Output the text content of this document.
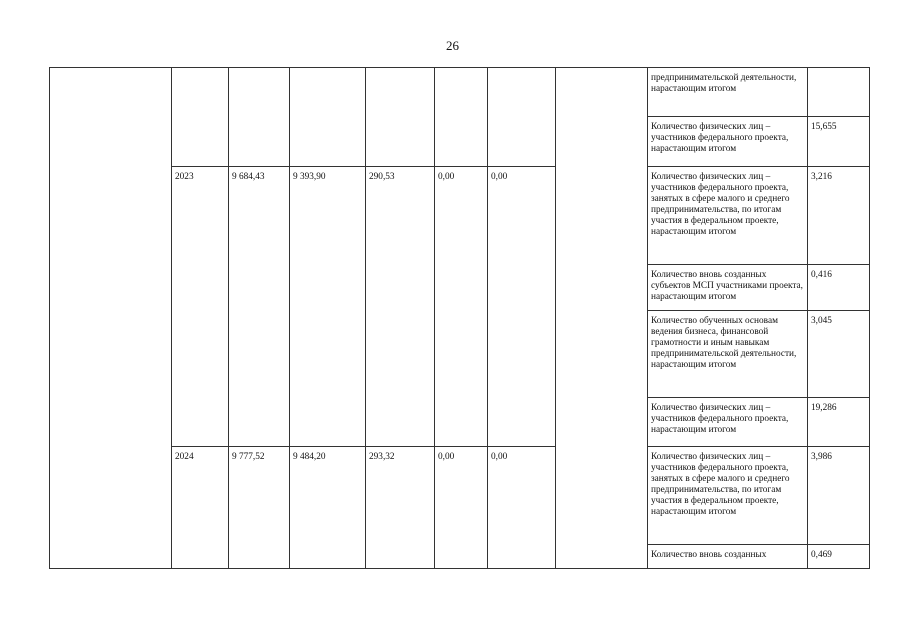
26
								предпринимательской деятельности, нарастающим итогом	
								Количество физических лиц – участников федерального проекта, нарастающим итогом	15,655
	2023	9 684,43	9 393,90	290,53	0,00	0,00		Количество физических лиц – участников федерального проекта, занятых в сфере малого и среднего предпринимательства, по итогам участия в федеральном проекте, нарастающим итогом	3,216
								Количество вновь созданных субъектов МСП участниками проекта, нарастающим итогом	0,416
								Количество обученных основам ведения бизнеса, финансовой грамотности и иным навыкам предпринимательской деятельности, нарастающим итогом	3,045
								Количество физических лиц – участников федерального проекта, нарастающим итогом	19,286
	2024	9 777,52	9 484,20	293,32	0,00	0,00		Количество физических лиц – участников федерального проекта, занятых в сфере малого и среднего предпринимательства, по итогам участия в федеральном проекте, нарастающим итогом	3,986
								Количество вновь созданных	0,469
